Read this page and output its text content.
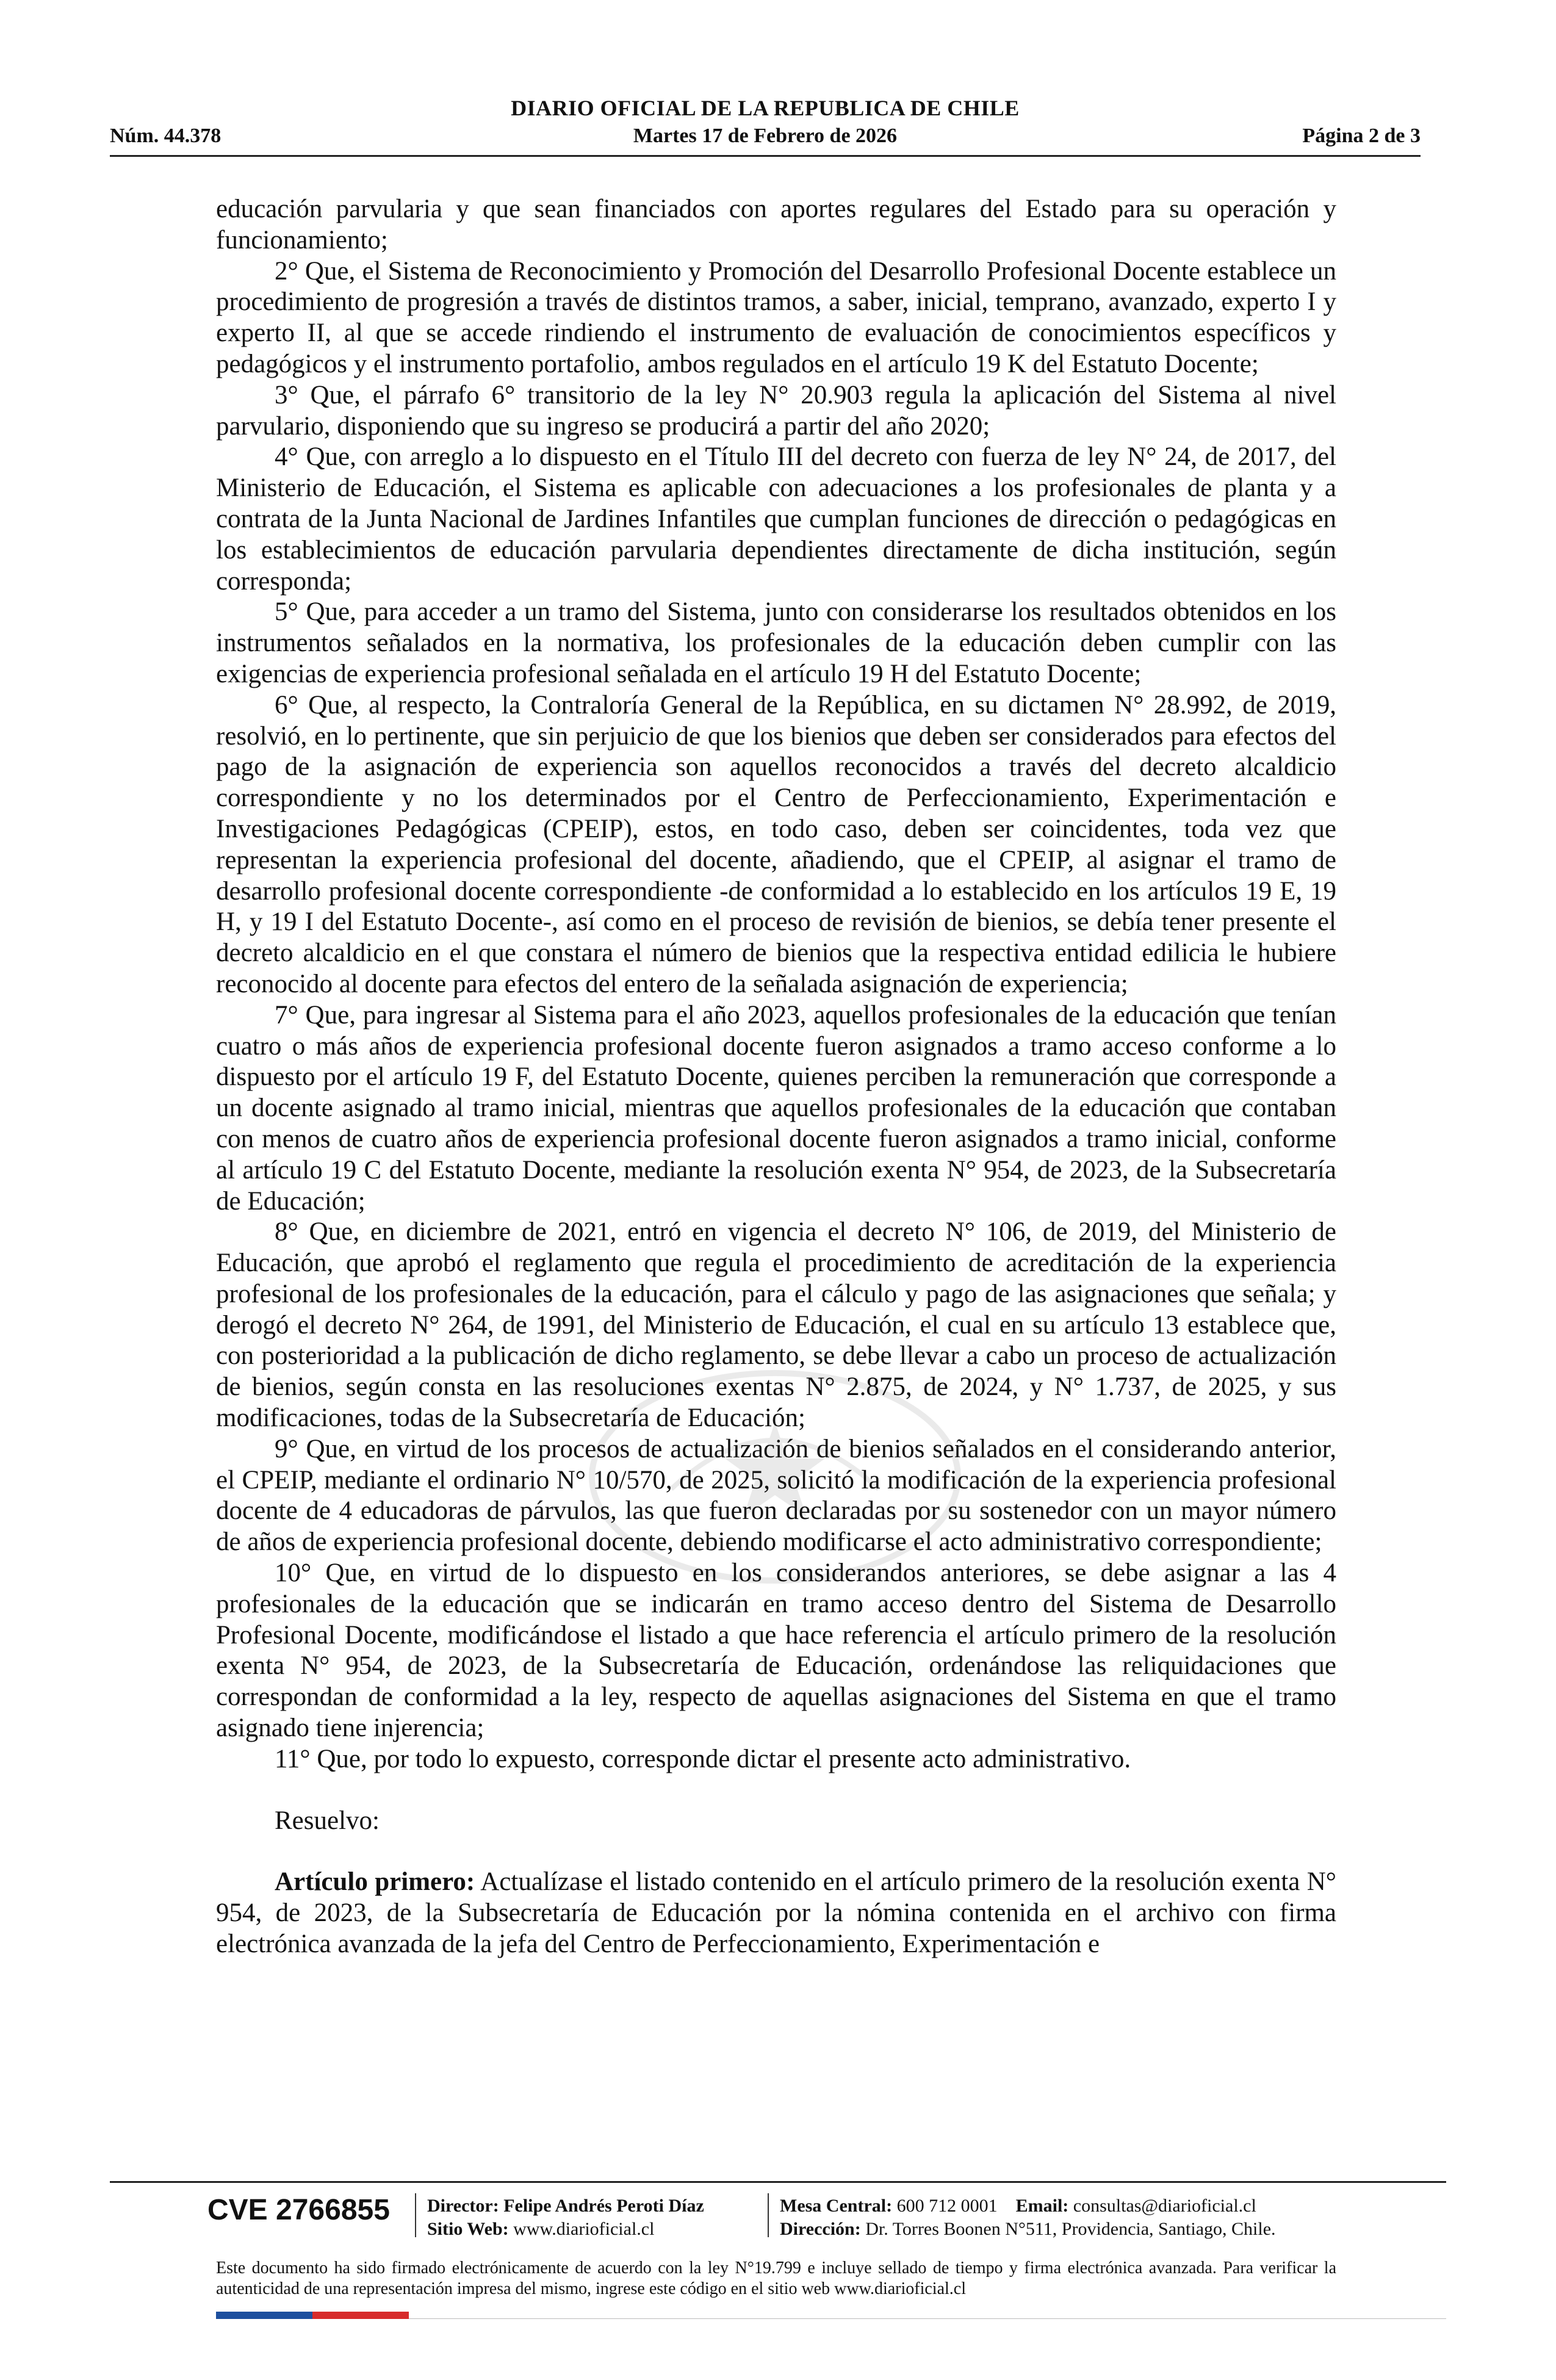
DIARIO OFICIAL DE LA REPUBLICA DE CHILE
Núm. 44.378	Martes 17 de Febrero de 2026	Página 2 de 3

educación parvularia y que sean financiados con aportes regulares del Estado para su operación y funcionamiento;

2° Que, el Sistema de Reconocimiento y Promoción del Desarrollo Profesional Docente establece un procedimiento de progresión a través de distintos tramos, a saber, inicial, temprano, avanzado, experto I y experto II, al que se accede rindiendo el instrumento de evaluación de conocimientos específicos y pedagógicos y el instrumento portafolio, ambos regulados en el artículo 19 K del Estatuto Docente;

3° Que, el párrafo 6° transitorio de la ley N° 20.903 regula la aplicación del Sistema al nivel parvulario, disponiendo que su ingreso se producirá a partir del año 2020;

4° Que, con arreglo a lo dispuesto en el Título III del decreto con fuerza de ley N° 24, de 2017, del Ministerio de Educación, el Sistema es aplicable con adecuaciones a los profesionales de planta y a contrata de la Junta Nacional de Jardines Infantiles que cumplan funciones de dirección o pedagógicas en los establecimientos de educación parvularia dependientes directamente de dicha institución, según corresponda;

5° Que, para acceder a un tramo del Sistema, junto con considerarse los resultados obtenidos en los instrumentos señalados en la normativa, los profesionales de la educación deben cumplir con las exigencias de experiencia profesional señalada en el artículo 19 H del Estatuto Docente;

6° Que, al respecto, la Contraloría General de la República, en su dictamen N° 28.992, de 2019, resolvió, en lo pertinente, que sin perjuicio de que los bienios que deben ser considerados para efectos del pago de la asignación de experiencia son aquellos reconocidos a través del decreto alcaldicio correspondiente y no los determinados por el Centro de Perfeccionamiento, Experimentación e Investigaciones Pedagógicas (CPEIP), estos, en todo caso, deben ser coincidentes, toda vez que representan la experiencia profesional del docente, añadiendo, que el CPEIP, al asignar el tramo de desarrollo profesional docente correspondiente -de conformidad a lo establecido en los artículos 19 E, 19 H, y 19 I del Estatuto Docente-, así como en el proceso de revisión de bienios, se debía tener presente el decreto alcaldicio en el que constara el número de bienios que la respectiva entidad edilicia le hubiere reconocido al docente para efectos del entero de la señalada asignación de experiencia;

7° Que, para ingresar al Sistema para el año 2023, aquellos profesionales de la educación que tenían cuatro o más años de experiencia profesional docente fueron asignados a tramo acceso conforme a lo dispuesto por el artículo 19 F, del Estatuto Docente, quienes perciben la remuneración que corresponde a un docente asignado al tramo inicial, mientras que aquellos profesionales de la educación que contaban con menos de cuatro años de experiencia profesional docente fueron asignados a tramo inicial, conforme al artículo 19 C del Estatuto Docente, mediante la resolución exenta N° 954, de 2023, de la Subsecretaría de Educación;

8° Que, en diciembre de 2021, entró en vigencia el decreto N° 106, de 2019, del Ministerio de Educación, que aprobó el reglamento que regula el procedimiento de acreditación de la experiencia profesional de los profesionales de la educación, para el cálculo y pago de las asignaciones que señala; y derogó el decreto N° 264, de 1991, del Ministerio de Educación, el cual en su artículo 13 establece que, con posterioridad a la publicación de dicho reglamento, se debe llevar a cabo un proceso de actualización de bienios, según consta en las resoluciones exentas N° 2.875, de 2024, y N° 1.737, de 2025, y sus modificaciones, todas de la Subsecretaría de Educación;

9° Que, en virtud de los procesos de actualización de bienios señalados en el considerando anterior, el CPEIP, mediante el ordinario N° 10/570, de 2025, solicitó la modificación de la experiencia profesional docente de 4 educadoras de párvulos, las que fueron declaradas por su sostenedor con un mayor número de años de experiencia profesional docente, debiendo modificarse el acto administrativo correspondiente;

10° Que, en virtud de lo dispuesto en los considerandos anteriores, se debe asignar a las 4 profesionales de la educación que se indicarán en tramo acceso dentro del Sistema de Desarrollo Profesional Docente, modificándose el listado a que hace referencia el artículo primero de la resolución exenta N° 954, de 2023, de la Subsecretaría de Educación, ordenándose las reliquidaciones que correspondan de conformidad a la ley, respecto de aquellas asignaciones del Sistema en que el tramo asignado tiene injerencia;

11° Que, por todo lo expuesto, corresponde dictar el presente acto administrativo.

Resuelvo:

Artículo primero: Actualízase el listado contenido en el artículo primero de la resolución exenta N° 954, de 2023, de la Subsecretaría de Educación por la nómina contenida en el archivo con firma electrónica avanzada de la jefa del Centro de Perfeccionamiento, Experimentación e

CVE 2766855	Director: Felipe Andrés Peroti Díaz
Sitio Web: www.diarioficial.cl
Mesa Central: 600 712 0001 Email: consultas@diarioficial.cl
Dirección: Dr. Torres Boonen N°511, Providencia, Santiago, Chile.
Este documento ha sido firmado electrónicamente de acuerdo con la ley N°19.799 e incluye sellado de tiempo y firma electrónica avanzada. Para verificar la autenticidad de una representación impresa del mismo, ingrese este código en el sitio web www.diarioficial.cl
